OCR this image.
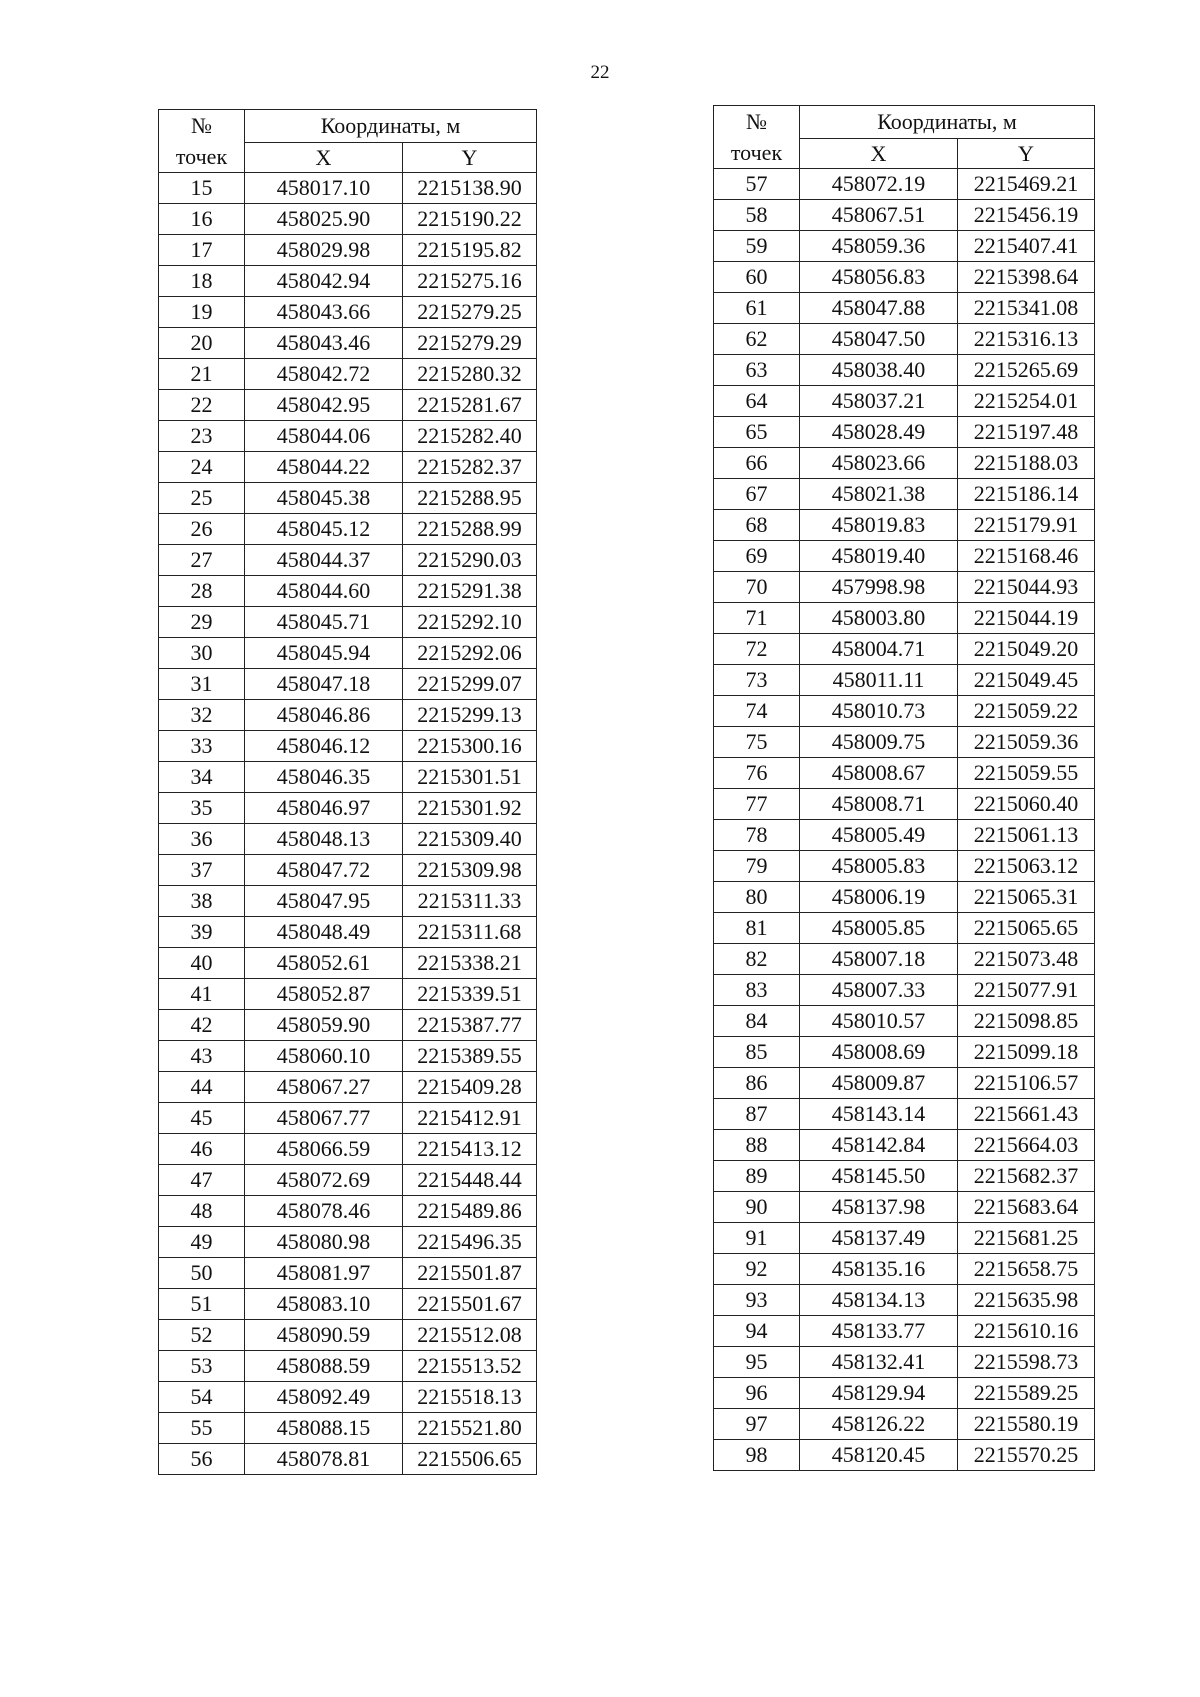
22
№
точек	Координаты, м	
	X	Y
15	458017.10	2215138.90
16	458025.90	2215190.22
17	458029.98	2215195.82
18	458042.94	2215275.16
19	458043.66	2215279.25
20	458043.46	2215279.29
21	458042.72	2215280.32
22	458042.95	2215281.67
23	458044.06	2215282.40
24	458044.22	2215282.37
25	458045.38	2215288.95
26	458045.12	2215288.99
27	458044.37	2215290.03
28	458044.60	2215291.38
29	458045.71	2215292.10
30	458045.94	2215292.06
31	458047.18	2215299.07
32	458046.86	2215299.13
33	458046.12	2215300.16
34	458046.35	2215301.51
35	458046.97	2215301.92
36	458048.13	2215309.40
37	458047.72	2215309.98
38	458047.95	2215311.33
39	458048.49	2215311.68
40	458052.61	2215338.21
41	458052.87	2215339.51
42	458059.90	2215387.77
43	458060.10	2215389.55
44	458067.27	2215409.28
45	458067.77	2215412.91
46	458066.59	2215413.12
47	458072.69	2215448.44
48	458078.46	2215489.86
49	458080.98	2215496.35
50	458081.97	2215501.87
51	458083.10	2215501.67
52	458090.59	2215512.08
53	458088.59	2215513.52
54	458092.49	2215518.13
55	458088.15	2215521.80
56	458078.81	2215506.65
№
точек	Координаты, м	
	X	Y
57	458072.19	2215469.21
58	458067.51	2215456.19
59	458059.36	2215407.41
60	458056.83	2215398.64
61	458047.88	2215341.08
62	458047.50	2215316.13
63	458038.40	2215265.69
64	458037.21	2215254.01
65	458028.49	2215197.48
66	458023.66	2215188.03
67	458021.38	2215186.14
68	458019.83	2215179.91
69	458019.40	2215168.46
70	457998.98	2215044.93
71	458003.80	2215044.19
72	458004.71	2215049.20
73	458011.11	2215049.45
74	458010.73	2215059.22
75	458009.75	2215059.36
76	458008.67	2215059.55
77	458008.71	2215060.40
78	458005.49	2215061.13
79	458005.83	2215063.12
80	458006.19	2215065.31
81	458005.85	2215065.65
82	458007.18	2215073.48
83	458007.33	2215077.91
84	458010.57	2215098.85
85	458008.69	2215099.18
86	458009.87	2215106.57
87	458143.14	2215661.43
88	458142.84	2215664.03
89	458145.50	2215682.37
90	458137.98	2215683.64
91	458137.49	2215681.25
92	458135.16	2215658.75
93	458134.13	2215635.98
94	458133.77	2215610.16
95	458132.41	2215598.73
96	458129.94	2215589.25
97	458126.22	2215580.19
98	458120.45	2215570.25
